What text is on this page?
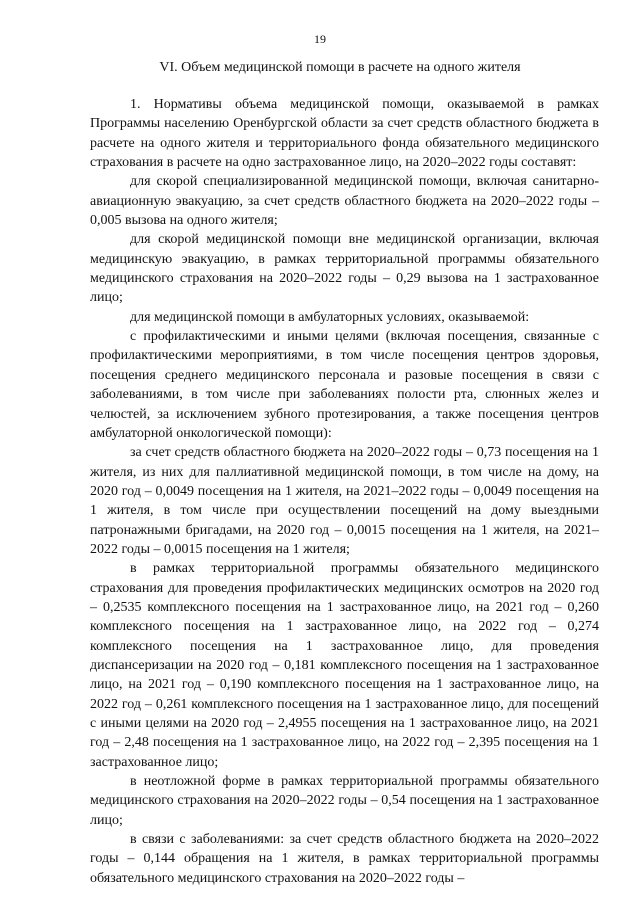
19
VI. Объем медицинской помощи в расчете на одного жителя

1. Нормативы объема медицинской помощи, оказываемой в рамках Программы населению Оренбургской области за счет средств областного бюджета в расчете на одного жителя и территориального фонда обязательного медицинского страхования в расчете на одно застрахованное лицо, на 2020–2022 годы составят:

для скорой специализированной медицинской помощи, включая санитарно-авиационную эвакуацию, за счет средств областного бюджета на 2020–2022 годы – 0,005 вызова на одного жителя;

для скорой медицинской помощи вне медицинской организации, включая медицинскую эвакуацию, в рамках территориальной программы обязательного медицинского страхования на 2020–2022 годы – 0,29 вызова на 1 застрахованное лицо;

для медицинской помощи в амбулаторных условиях, оказываемой:

с профилактическими и иными целями (включая посещения, связанные с профилактическими мероприятиями, в том числе посещения центров здоровья, посещения среднего медицинского персонала и разовые посещения в связи с заболеваниями, в том числе при заболеваниях полости рта, слюнных желез и челюстей, за исключением зубного протезирования, а также посещения центров амбулаторной онкологической помощи):

за счет средств областного бюджета на 2020–2022 годы – 0,73 посещения на 1 жителя, из них для паллиативной медицинской помощи, в том числе на дому, на 2020 год – 0,0049 посещения на 1 жителя, на 2021–2022 годы – 0,0049 посещения на 1 жителя, в том числе при осуществлении посещений на дому выездными патронажными бригадами, на 2020 год – 0,0015 посещения на 1 жителя, на 2021–2022 годы – 0,0015 посещения на 1 жителя;

в рамках территориальной программы обязательного медицинского страхования для проведения профилактических медицинских осмотров на 2020 год – 0,2535 комплексного посещения на 1 застрахованное лицо, на 2021 год – 0,260 комплексного посещения на 1 застрахованное лицо, на 2022 год – 0,274 комплексного посещения на 1 застрахованное лицо, для проведения диспансеризации на 2020 год – 0,181 комплексного посещения на 1 застрахованное лицо, на 2021 год – 0,190 комплексного посещения на 1 застрахованное лицо, на 2022 год – 0,261 комплексного посещения на 1 застрахованное лицо, для посещений с иными целями на 2020 год – 2,4955 посещения на 1 застрахованное лицо, на 2021 год – 2,48 посещения на 1 застрахованное лицо, на 2022 год – 2,395 посещения на 1 застрахованное лицо;

в неотложной форме в рамках территориальной программы обязательного медицинского страхования на 2020–2022 годы – 0,54 посещения на 1 застрахованное лицо;

в связи с заболеваниями: за счет средств областного бюджета на 2020–2022 годы – 0,144 обращения на 1 жителя, в рамках территориальной программы обязательного медицинского страхования на 2020–2022 годы –
